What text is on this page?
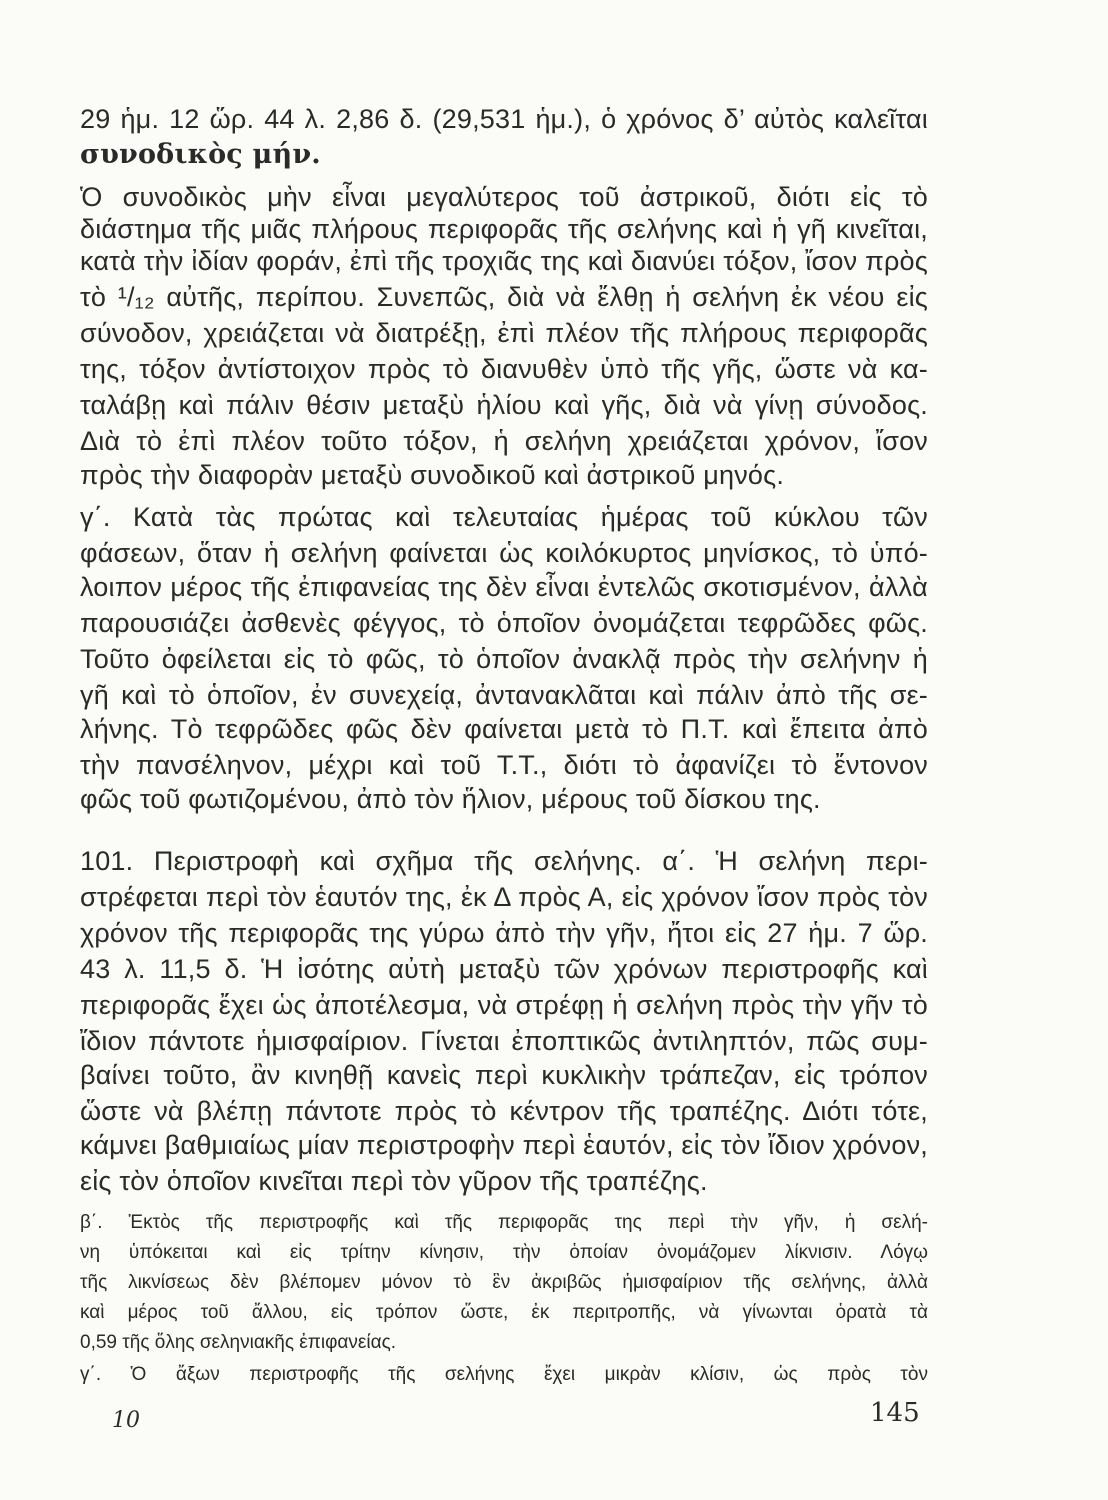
29 ἡμ. 12 ὥρ. 44 λ. 2,86 δ. (29,531 ἡμ.), ὁ χρόνος δ’ αὐτὸς καλεῖται
συνοδικὸς μήν.
Ὁ συνοδικὸς μὴν εἶναι μεγαλύτερος τοῦ ἀστρικοῦ, διότι εἰς τὸ
διάστημα τῆς μιᾶς πλήρους περιφορᾶς τῆς σελήνης καὶ ἡ γῆ κινεῖται,
κατὰ τὴν ἰδίαν φοράν, ἐπὶ τῆς τροχιᾶς της καὶ διανύει τόξον, ἴσον πρὸς
τὸ ¹/₁₂ αὐτῆς, περίπου. Συνεπῶς, διὰ νὰ ἔλθῃ ἡ σελήνη ἐκ νέου εἰς
σύνοδον, χρειάζεται νὰ διατρέξῃ, ἐπὶ πλέον τῆς πλήρους περιφορᾶς
της, τόξον ἀντίστοιχον πρὸς τὸ διανυθὲν ὑπὸ τῆς γῆς, ὥστε νὰ κα-
ταλάβῃ καὶ πάλιν θέσιν μεταξὺ ἡλίου καὶ γῆς, διὰ νὰ γίνῃ σύνοδος.
Διὰ τὸ ἐπὶ πλέον τοῦτο τόξον, ἡ σελήνη χρειάζεται χρόνον, ἴσον
πρὸς τὴν διαφορὰν μεταξὺ συνοδικοῦ καὶ ἀστρικοῦ μηνός.
γ΄. Κατὰ τὰς πρώτας καὶ τελευταίας ἡμέρας τοῦ κύκλου τῶν
φάσεων, ὅταν ἡ σελήνη φαίνεται ὡς κοιλόκυρτος μηνίσκος, τὸ ὑπό-
λοιπον μέρος τῆς ἐπιφανείας της δὲν εἶναι ἐντελῶς σκοτισμένον, ἀλλὰ
παρουσιάζει ἀσθενὲς φέγγος, τὸ ὁποῖον ὀνομάζεται τεφρῶδες φῶς.
Τοῦτο ὀφείλεται εἰς τὸ φῶς, τὸ ὁποῖον ἀνακλᾷ πρὸς τὴν σελήνην ἡ
γῆ καὶ τὸ ὁποῖον, ἐν συνεχείᾳ, ἀντανακλᾶται καὶ πάλιν ἀπὸ τῆς σε-
λήνης. Τὸ τεφρῶδες φῶς δὲν φαίνεται μετὰ τὸ Π.Τ. καὶ ἔπειτα ἀπὸ
τὴν πανσέληνον, μέχρι καὶ τοῦ Τ.Τ., διότι τὸ ἀφανίζει τὸ ἔντονον
φῶς τοῦ φωτιζομένου, ἀπὸ τὸν ἥλιον, μέρους τοῦ δίσκου της.
101. Περιστροφὴ καὶ σχῆμα τῆς σελήνης. α΄. Ἡ σελήνη περι-
στρέφεται περὶ τὸν ἑαυτόν της, ἐκ Δ πρὸς Α, εἰς χρόνον ἴσον πρὸς τὸν
χρόνον τῆς περιφορᾶς της γύρω ἀπὸ τὴν γῆν, ἤτοι εἰς 27 ἡμ. 7 ὥρ.
43 λ. 11,5 δ. Ἡ ἰσότης αὐτὴ μεταξὺ τῶν χρόνων περιστροφῆς καὶ
περιφορᾶς ἔχει ὡς ἀποτέλεσμα, νὰ στρέφῃ ἡ σελήνη πρὸς τὴν γῆν τὸ
ἴδιον πάντοτε ἡμισφαίριον. Γίνεται ἐποπτικῶς ἀντιληπτόν, πῶς συμ-
βαίνει τοῦτο, ἂν κινηθῇ κανεὶς περὶ κυκλικὴν τράπεζαν, εἰς τρόπον
ὥστε νὰ βλέπῃ πάντοτε πρὸς τὸ κέντρον τῆς τραπέζης. Διότι τότε,
κάμνει βαθμιαίως μίαν περιστροφὴν περὶ ἑαυτόν, εἰς τὸν ἴδιον χρόνον,
εἰς τὸν ὁποῖον κινεῖται περὶ τὸν γῦρον τῆς τραπέζης.
β΄. Ἐκτὸς τῆς περιστροφῆς καὶ τῆς περιφορᾶς της περὶ τὴν γῆν, ἡ σελή-
νη ὑπόκειται καὶ εἰς τρίτην κίνησιν, τὴν ὁποίαν ὀνομάζομεν λίκνισιν. Λόγῳ
τῆς λικνίσεως δὲν βλέπομεν μόνον τὸ ἓν ἀκριβῶς ἡμισφαίριον τῆς σελήνης, ἀλλὰ
καὶ μέρος τοῦ ἄλλου, εἰς τρόπον ὥστε, ἐκ περιτροπῆς, νὰ γίνωνται ὁρατὰ τὰ
0,59 τῆς ὅλης σεληνιακῆς ἐπιφανείας.
γ΄. Ὁ ἄξων περιστροφῆς τῆς σελήνης ἔχει μικρὰν κλίσιν, ὡς πρὸς τὸν
10	145
